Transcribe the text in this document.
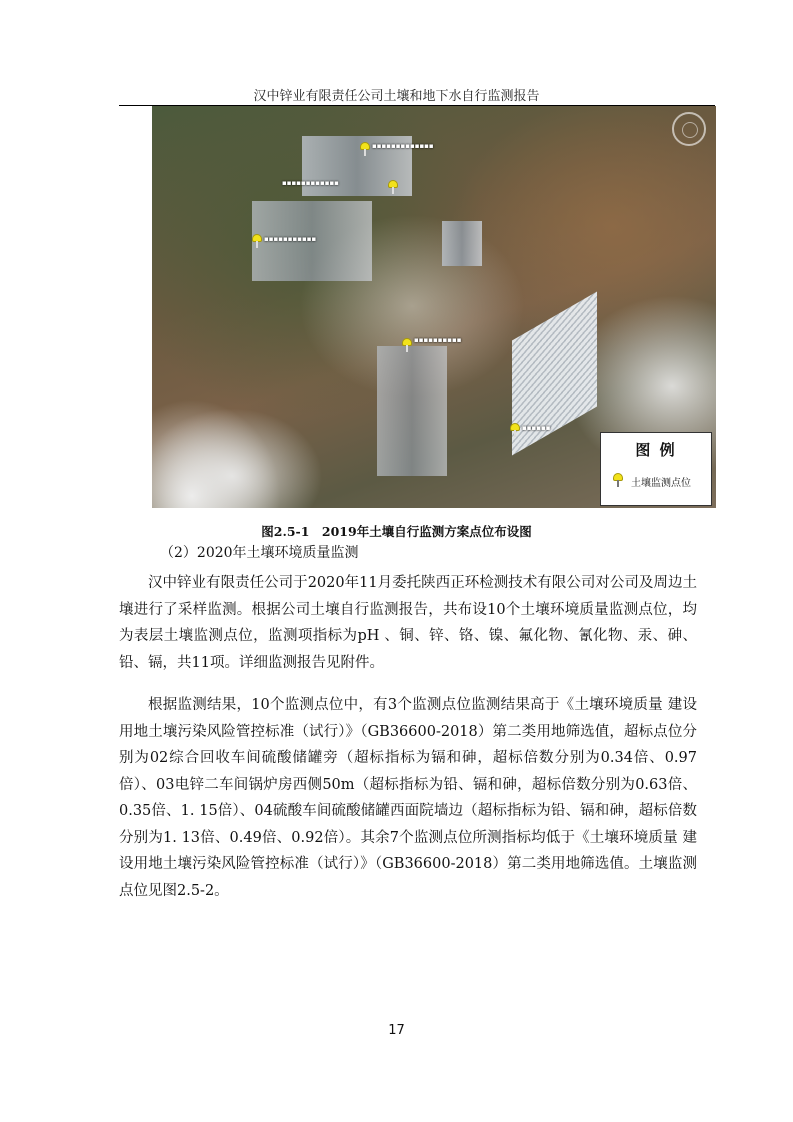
汉中锌业有限责任公司土壤和地下水自行监测报告
▪▪▪▪▪▪▪▪▪▪▪▪▪
▪▪▪▪▪▪▪▪▪▪▪▪
▪▪▪▪▪▪▪▪▪▪▪
▪▪▪▪▪▪▪▪▪▪
▪▪▪▪▪▪
图 例
土壤监测点位
图2.5-1　2019年土壤自行监测方案点位布设图
（2）2020年土壤环境质量监测

汉中锌业有限责任公司于2020年11月委托陕西正环检测技术有限公司对公司及周边土壤进行了采样监测。根据公司土壤自行监测报告，共布设10个土壤环境质量监测点位，均为表层土壤监测点位，监测项指标为pH 、铜、锌、铬、镍、氟化物、氰化物、汞、砷、铅、镉，共11项。详细监测报告见附件。

根据监测结果，10个监测点位中，有3个监测点位监测结果高于《土壤环境质量 建设用地土壤污染风险管控标准（试行）》（GB36600-2018）第二类用地筛选值，超标点位分别为02综合回收车间硫酸储罐旁（超标指标为镉和砷，超标倍数分别为0.34倍、0.97倍）、03电锌二车间锅炉房西侧50m（超标指标为铅、镉和砷，超标倍数分别为0.63倍、0.35倍、1. 15倍）、04硫酸车间硫酸储罐西面院墙边（超标指标为铅、镉和砷，超标倍数分别为1. 13倍、0.49倍、0.92倍）。其余7个监测点位所测指标均低于《土壤环境质量 建设用地土壤污染风险管控标准（试行）》（GB36600-2018）第二类用地筛选值。土壤监测点位见图2.5-2。

17
